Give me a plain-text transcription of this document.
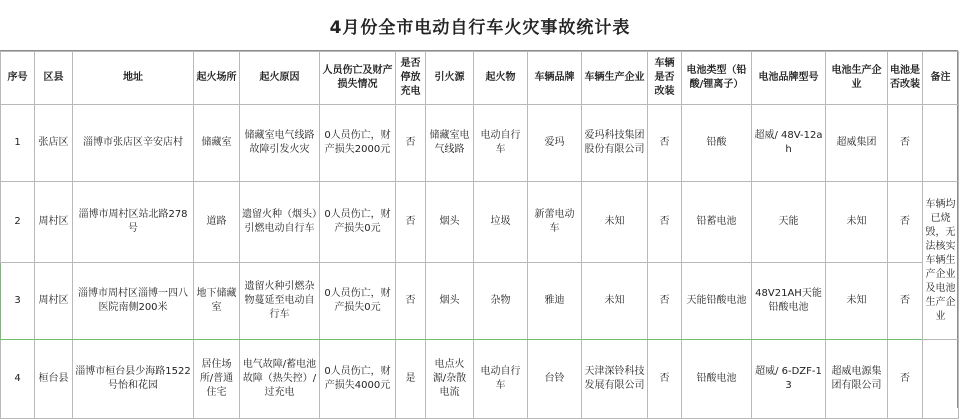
4月份全市电动自行车火灾事故统计表
序号	区县	地址	起火场所	起火原因	人员伤亡及财产损失情况	是否停放充电	引火源	起火物	车辆品牌	车辆生产企业	车辆是否改装	电池类型（铅酸/锂离子）	电池品牌型号	电池生产企业	电池是否改装	备注
1	张店区	淄博市张店区辛安店村	储藏室	储藏室电气线路故障引发火灾	0人员伤亡，财产损失2000元	否	储藏室电气线路	电动自行车	爱玛	爱玛科技集团股份有限公司	否	铅酸	超威/ 48V-12ah	超威集团	否	
2	周村区	淄博市周村区站北路278号	道路	遗留火种（烟头）引燃电动自行车	0人员伤亡，财产损失0元	否	烟头	垃圾	新蕾电动车	未知	否	铅蓄电池	天能	未知	否	车辆均已烧毁，无法核实车辆生产企业及电池生产企业
3	周村区	淄博市周村区淄博一四八医院南侧200米	地下储藏室	遗留火种引燃杂物蔓延至电动自行车	0人员伤亡，财产损失0元	否	烟头	杂物	雅迪	未知	否	天能铅酸电池	48V21AH天能铅酸电池	未知	否	
4	桓台县	淄博市桓台县少海路1522号怡和花园	居住场所/普通住宅	电气故障/蓄电池故障（热失控）/过充电	0人员伤亡，财产损失4000元	是	电点火源/杂散电流	电动自行车	台铃	天津深铃科技发展有限公司	否	铅酸电池	超威/ 6-DZF-13	超威电源集团有限公司	否	
